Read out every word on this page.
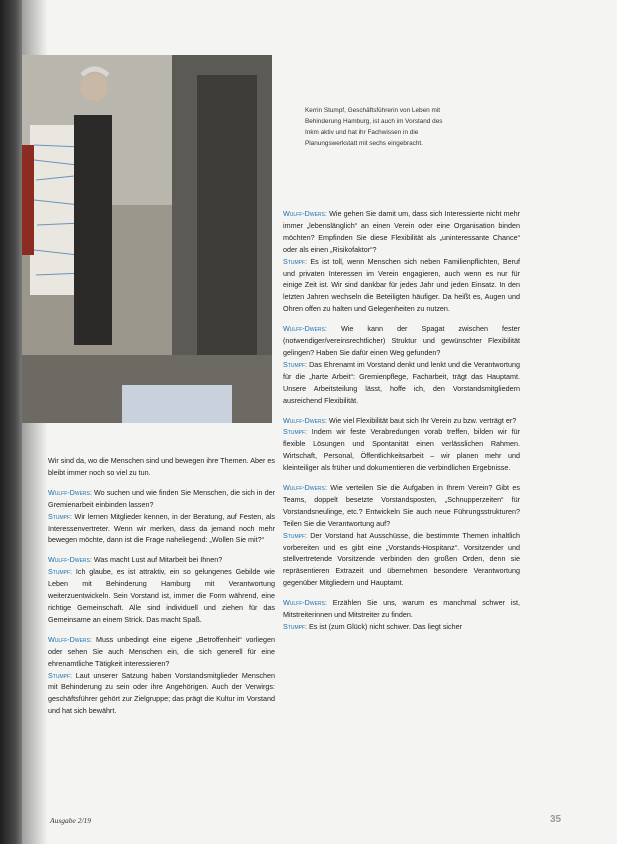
Kerrin Stumpf, Geschäftsführerin von Leben mit Behinderung Hamburg, ist auch im Vorstand des Inkm aktiv und hat ihr Fachwissen in die Planungswerkstatt mit sechs eingebracht.

Wir sind da, wo die Menschen sind und bewegen ihre Themen. Aber es bleibt immer noch so viel zu tun.

Wulff-Dwers: Wo suchen und wie finden Sie Menschen, die sich in der Gremienarbeit einbinden lassen?
Stumpf: Wir lernen Mitglieder kennen, in der Beratung, auf Festen, als Interessenvertreter. Wenn wir merken, dass da jemand noch mehr bewegen möchte, dann ist die Frage naheliegend: „Wollen Sie mit?“

Wulff-Dwers: Was macht Lust auf Mitarbeit bei Ihnen?
Stumpf: Ich glaube, es ist attraktiv, ein so gelungenes Gebilde wie Leben mit Behinderung Hamburg mit Verantwortung weiterzuentwickeln. Sein Vorstand ist, immer die Form während, eine richtige Gemeinschaft. Alle sind individuell und ziehen für das Gemeinsame an einem Strick. Das macht Spaß.

Wulff-Dwers: Muss unbedingt eine eigene „Betroffenheit“ vorliegen oder sehen Sie auch Menschen ein, die sich generell für eine ehrenamtliche Tätigkeit interessieren?
Stumpf: Laut unserer Satzung haben Vorstandsmitglieder Menschen mit Behinderung zu sein oder ihre Angehörigen. Auch der Verwirgs: geschäftsführer gehört zur Zielgruppe; das prägt die Kultur im Vorstand und hat sich bewährt.

Wulff-Dwers: Wie gehen Sie damit um, dass sich Interessierte nicht mehr immer „lebenslänglich“ an einen Verein oder eine Organisation binden möchten? Empfinden Sie diese Flexibilität als „uninteressante Chance“ oder als einen „Risikofaktor“?
Stumpf: Es ist toll, wenn Menschen sich neben Familienpflichten, Beruf und privaten Interessen im Verein engagieren, auch wenn es nur für einige Zeit ist. Wir sind dankbar für jedes Jahr und jeden Einsatz. In den letzten Jahren wechseln die Beteiligten häufiger. Da heißt es, Augen und Ohren offen zu halten und Gelegenheiten zu nutzen.

Wulff-Dwers: Wie kann der Spagat zwischen fester (notwendiger/vereinsrechtlicher) Struktur und gewünschter Flexibilität gelingen? Haben Sie dafür einen Weg gefunden?
Stumpf: Das Ehrenamt im Vorstand denkt und lenkt und die Verantwortung für die „harte Arbeit“: Gremienpflege, Facharbeit, trägt das Hauptamt. Unsere Arbeitsteilung lässt, hoffe ich, den Vorstandsmitgliedern ausreichend Flexibilität.

Wulff-Dwers: Wie viel Flexibilität baut sich Ihr Verein zu bzw. verträgt er?
Stumpf: Indem wir feste Verabredungen vorab treffen, bilden wir für flexible Lösungen und Spontanität einen verlässlichen Rahmen. Wirtschaft, Personal, Öffentlichkeitsarbeit – wir planen mehr und kleinteiliger als früher und dokumentieren die verbindlichen Ergebnisse.

Wulff-Dwers: Wie verteilen Sie die Aufgaben in Ihrem Verein? Gibt es Teams, doppelt besetzte Vorstandsposten, „Schnupperzeiten“ für Vorstandsneulinge, etc.? Entwickeln Sie auch neue Führungsstrukturen? Teilen Sie die Verantwortung auf?
Stumpf: Der Vorstand hat Ausschüsse, die bestimmte Themen inhaltlich vorbereiten und es gibt eine „Vorstands-Hospitanz“. Vorsitzender und stellvertretende Vorsitzende verbinden den großen Orden, denn sie repräsentieren Extrazeit und übernehmen besondere Verantwortung gegenüber Mitgliedern und Hauptamt.

Wulff-Dwers: Erzählen Sie uns, warum es manchmal schwer ist, Mitstreiterinnen und Mitstreiter zu finden.
Stumpf: Es ist (zum Glück) nicht schwer. Das liegt sicher

Ausgabe 2/19	35
